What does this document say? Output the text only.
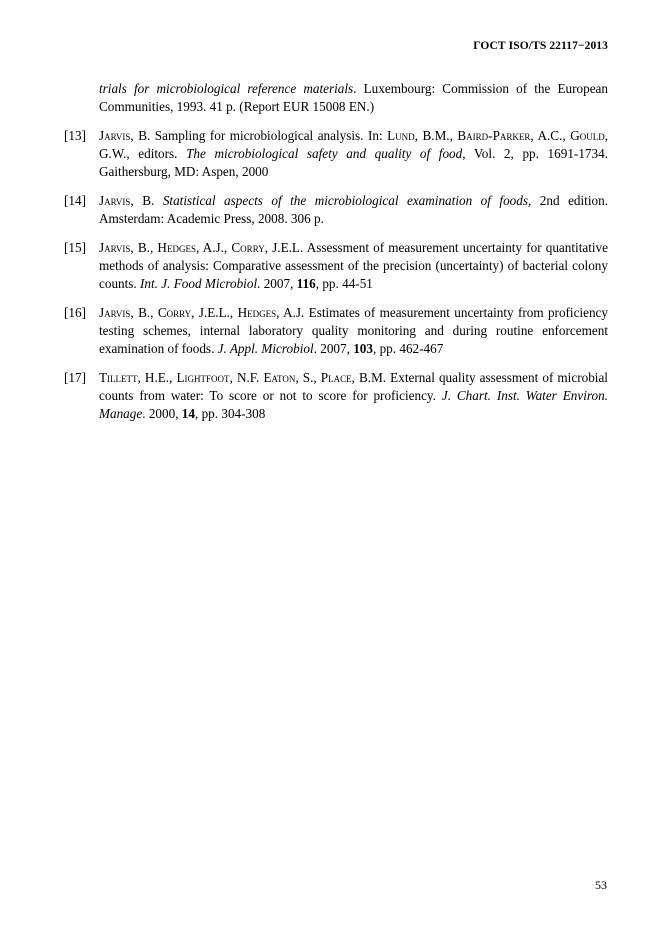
ГОСТ ISO/TS 22117−2013
trials for microbiological reference materials. Luxembourg: Commission of the European Communities, 1993. 41 p. (Report EUR 15008 EN.)
[13] Jarvis, B. Sampling for microbiological analysis. In: Lund, B.M., Baird-Parker, A.C., Gould, G.W., editors. The microbiological safety and quality of food, Vol. 2, pp. 1691-1734. Gaithersburg, MD: Aspen, 2000
[14] Jarvis, B. Statistical aspects of the microbiological examination of foods, 2nd edition. Amsterdam: Academic Press, 2008. 306 p.
[15] Jarvis, B., Hedges, A.J., Corry, J.E.L. Assessment of measurement uncertainty for quantitative methods of analysis: Comparative assessment of the precision (uncertainty) of bacterial colony counts. Int. J. Food Microbiol. 2007, 116, pp. 44-51
[16] Jarvis, B., Corry, J.E.L., Hedges, A.J. Estimates of measurement uncertainty from proficiency testing schemes, internal laboratory quality monitoring and during routine enforcement examination of foods. J. Appl. Microbiol. 2007, 103, pp. 462-467
[17] Tillett, H.E., Lightfoot, N.F. Eaton, S., Place, B.M. External quality assessment of microbial counts from water: To score or not to score for proficiency. J. Chart. Inst. Water Environ. Manage. 2000, 14, pp. 304-308
53
